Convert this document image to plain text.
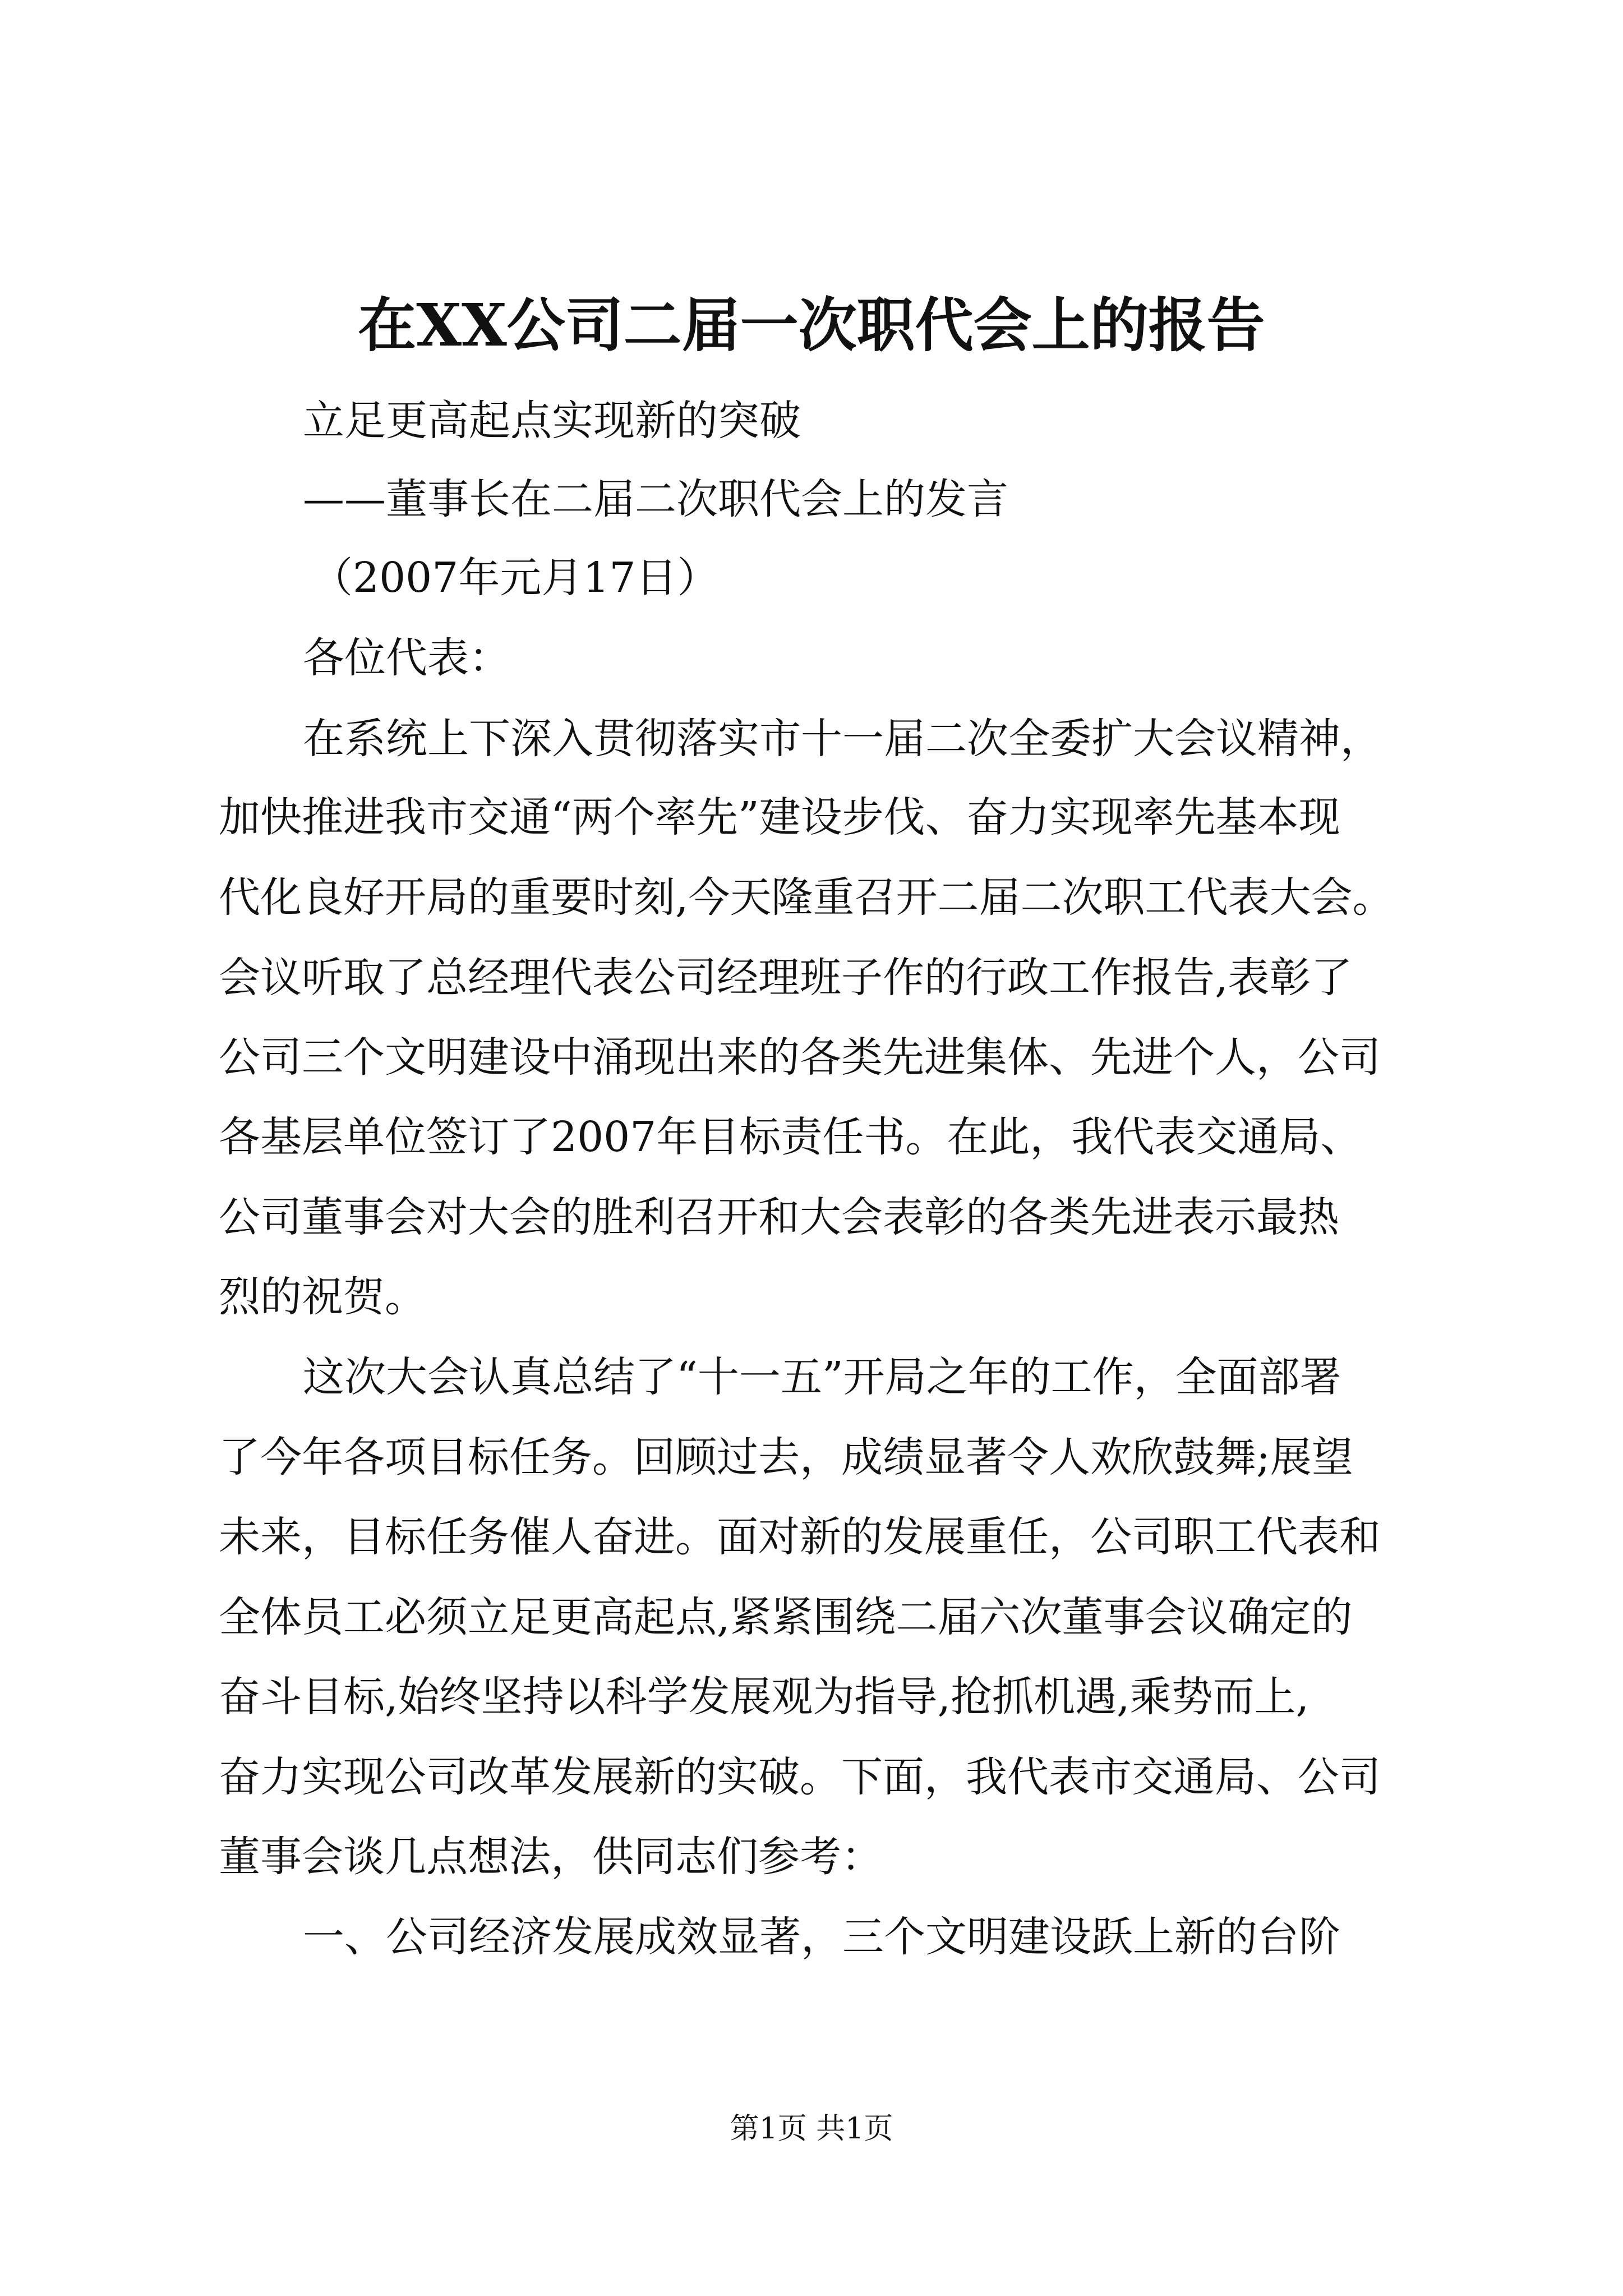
在XX公司二届一次职代会上的报告
立足更高起点实现新的突破
——董事长在二届二次职代会上的发言
（2007年元月17日）
各位代表：
在系统上下深入贯彻落实市十一届二次全委扩大会议精神，
加快推进我市交通“两个率先”建设步伐、奋力实现率先基本现
代化良好开局的重要时刻,今天隆重召开二届二次职工代表大会。
会议听取了总经理代表公司经理班子作的行政工作报告,表彰了
公司三个文明建设中涌现出来的各类先进集体、先进个人，公司
各基层单位签订了2007年目标责任书。在此，我代表交通局、
公司董事会对大会的胜利召开和大会表彰的各类先进表示最热
烈的祝贺。
这次大会认真总结了“十一五”开局之年的工作，全面部署
了今年各项目标任务。回顾过去，成绩显著令人欢欣鼓舞;展望
未来，目标任务催人奋进。面对新的发展重任，公司职工代表和
全体员工必须立足更高起点,紧紧围绕二届六次董事会议确定的
奋斗目标,始终坚持以科学发展观为指导,抢抓机遇,乘势而上,
奋力实现公司改革发展新的实破。下面，我代表市交通局、公司
董事会谈几点想法，供同志们参考：
一、公司经济发展成效显著，三个文明建设跃上新的台阶
第1页 共1页
